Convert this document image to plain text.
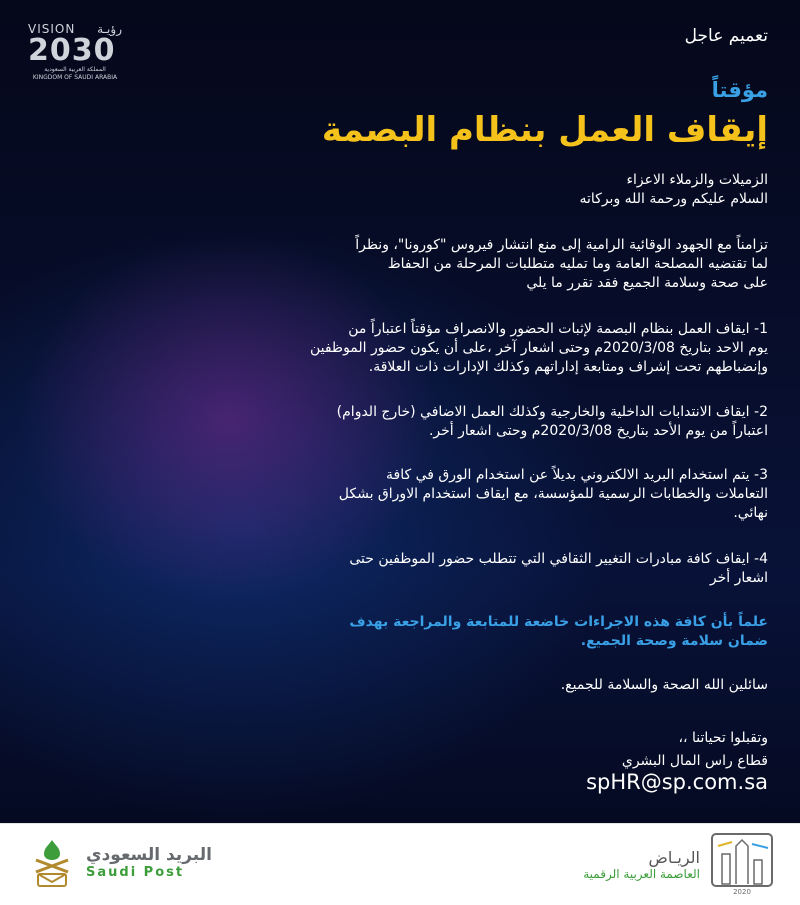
VISION رؤيـة
2030
المملكة العربية السعودية
KINGDOM OF SAUDI ARABIA
تعميم عاجل
مؤقتاً
إيقاف العمل بنظام البصمة
الزميلات والزملاء الاعزاء
السلام عليكم ورحمة الله وبركاته
تزامناً مع الجهود الوقائية الرامية إلى منع انتشار فيروس "كورونا"، ونظراً
لما تقتضيه المصلحة العامة وما تمليه متطلبات المرحلة من الحفاظ
على صحة وسلامة الجميع فقد تقرر ما يلي
1- ايقاف العمل بنظام البصمة لإثبات الحضور والانصراف مؤقتاً اعتباراً من
يوم الاحد بتاريخ 2020/3/08م وحتى اشعار آخر ،على أن يكون حضور الموظفين
وإنضباطهم تحت إشراف ومتابعة إداراتهم وكذلك الإدارات ذات العلاقة.
2- ايقاف الانتدابات الداخلية والخارجية وكذلك العمل الاضافي (خارج الدوام)
اعتباراً من يوم الأحد بتاريخ 2020/3/08م وحتى اشعار أخر.
3- يتم استخدام البريد الالكتروني بديلاً عن استخدام الورق في كافة
التعاملات والخطابات الرسمية للمؤسسة، مع ايقاف استخدام الاوراق بشكل
نهائي.
4- ايقاف كافة مبادرات التغيير الثقافي التي تتطلب حضور الموظفين حتى
اشعار أخر
علماً بأن كافة هذه الاجراءات خاضعة للمتابعة والمراجعة بهدف
ضمان سلامة وصحة الجميع.
سائلين الله الصحة والسلامة للجميع.
وتقبلوا تحياتنا ،،
قطاع راس المال البشري
spHR@sp.com.sa
البريد السعودي
Saudi Post
الريـاض
العاصمة العربية الرقمية
2020
